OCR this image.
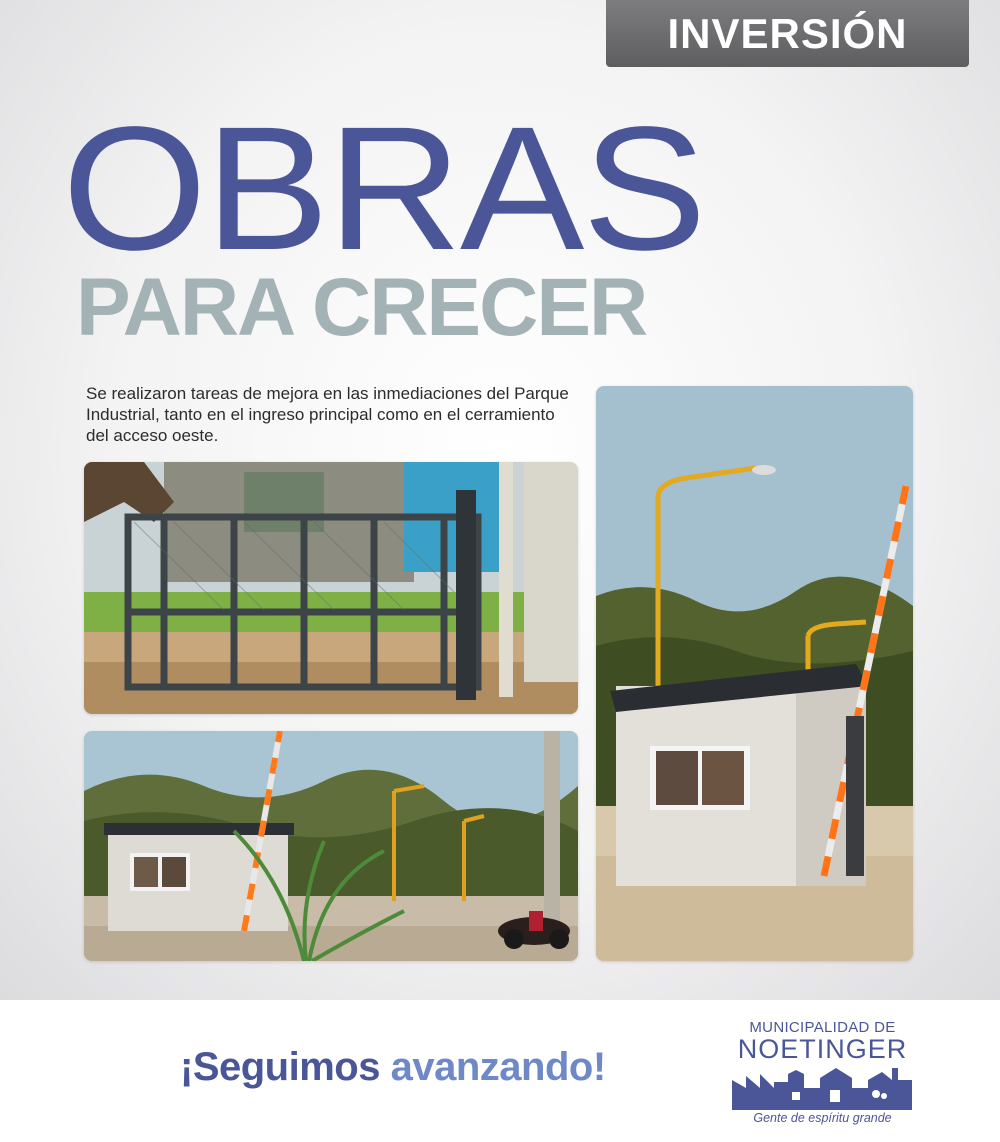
INVERSIÓN
OBRAS
PARA CRECER

Se realizaron tareas de mejora en las inmediaciones del Parque Industrial, tanto en el ingreso principal como en el cerramiento del acceso oeste.

¡Seguimos avanzando!
MUNICIPALIDAD DE
NOETINGER
Gente de espíritu grande
